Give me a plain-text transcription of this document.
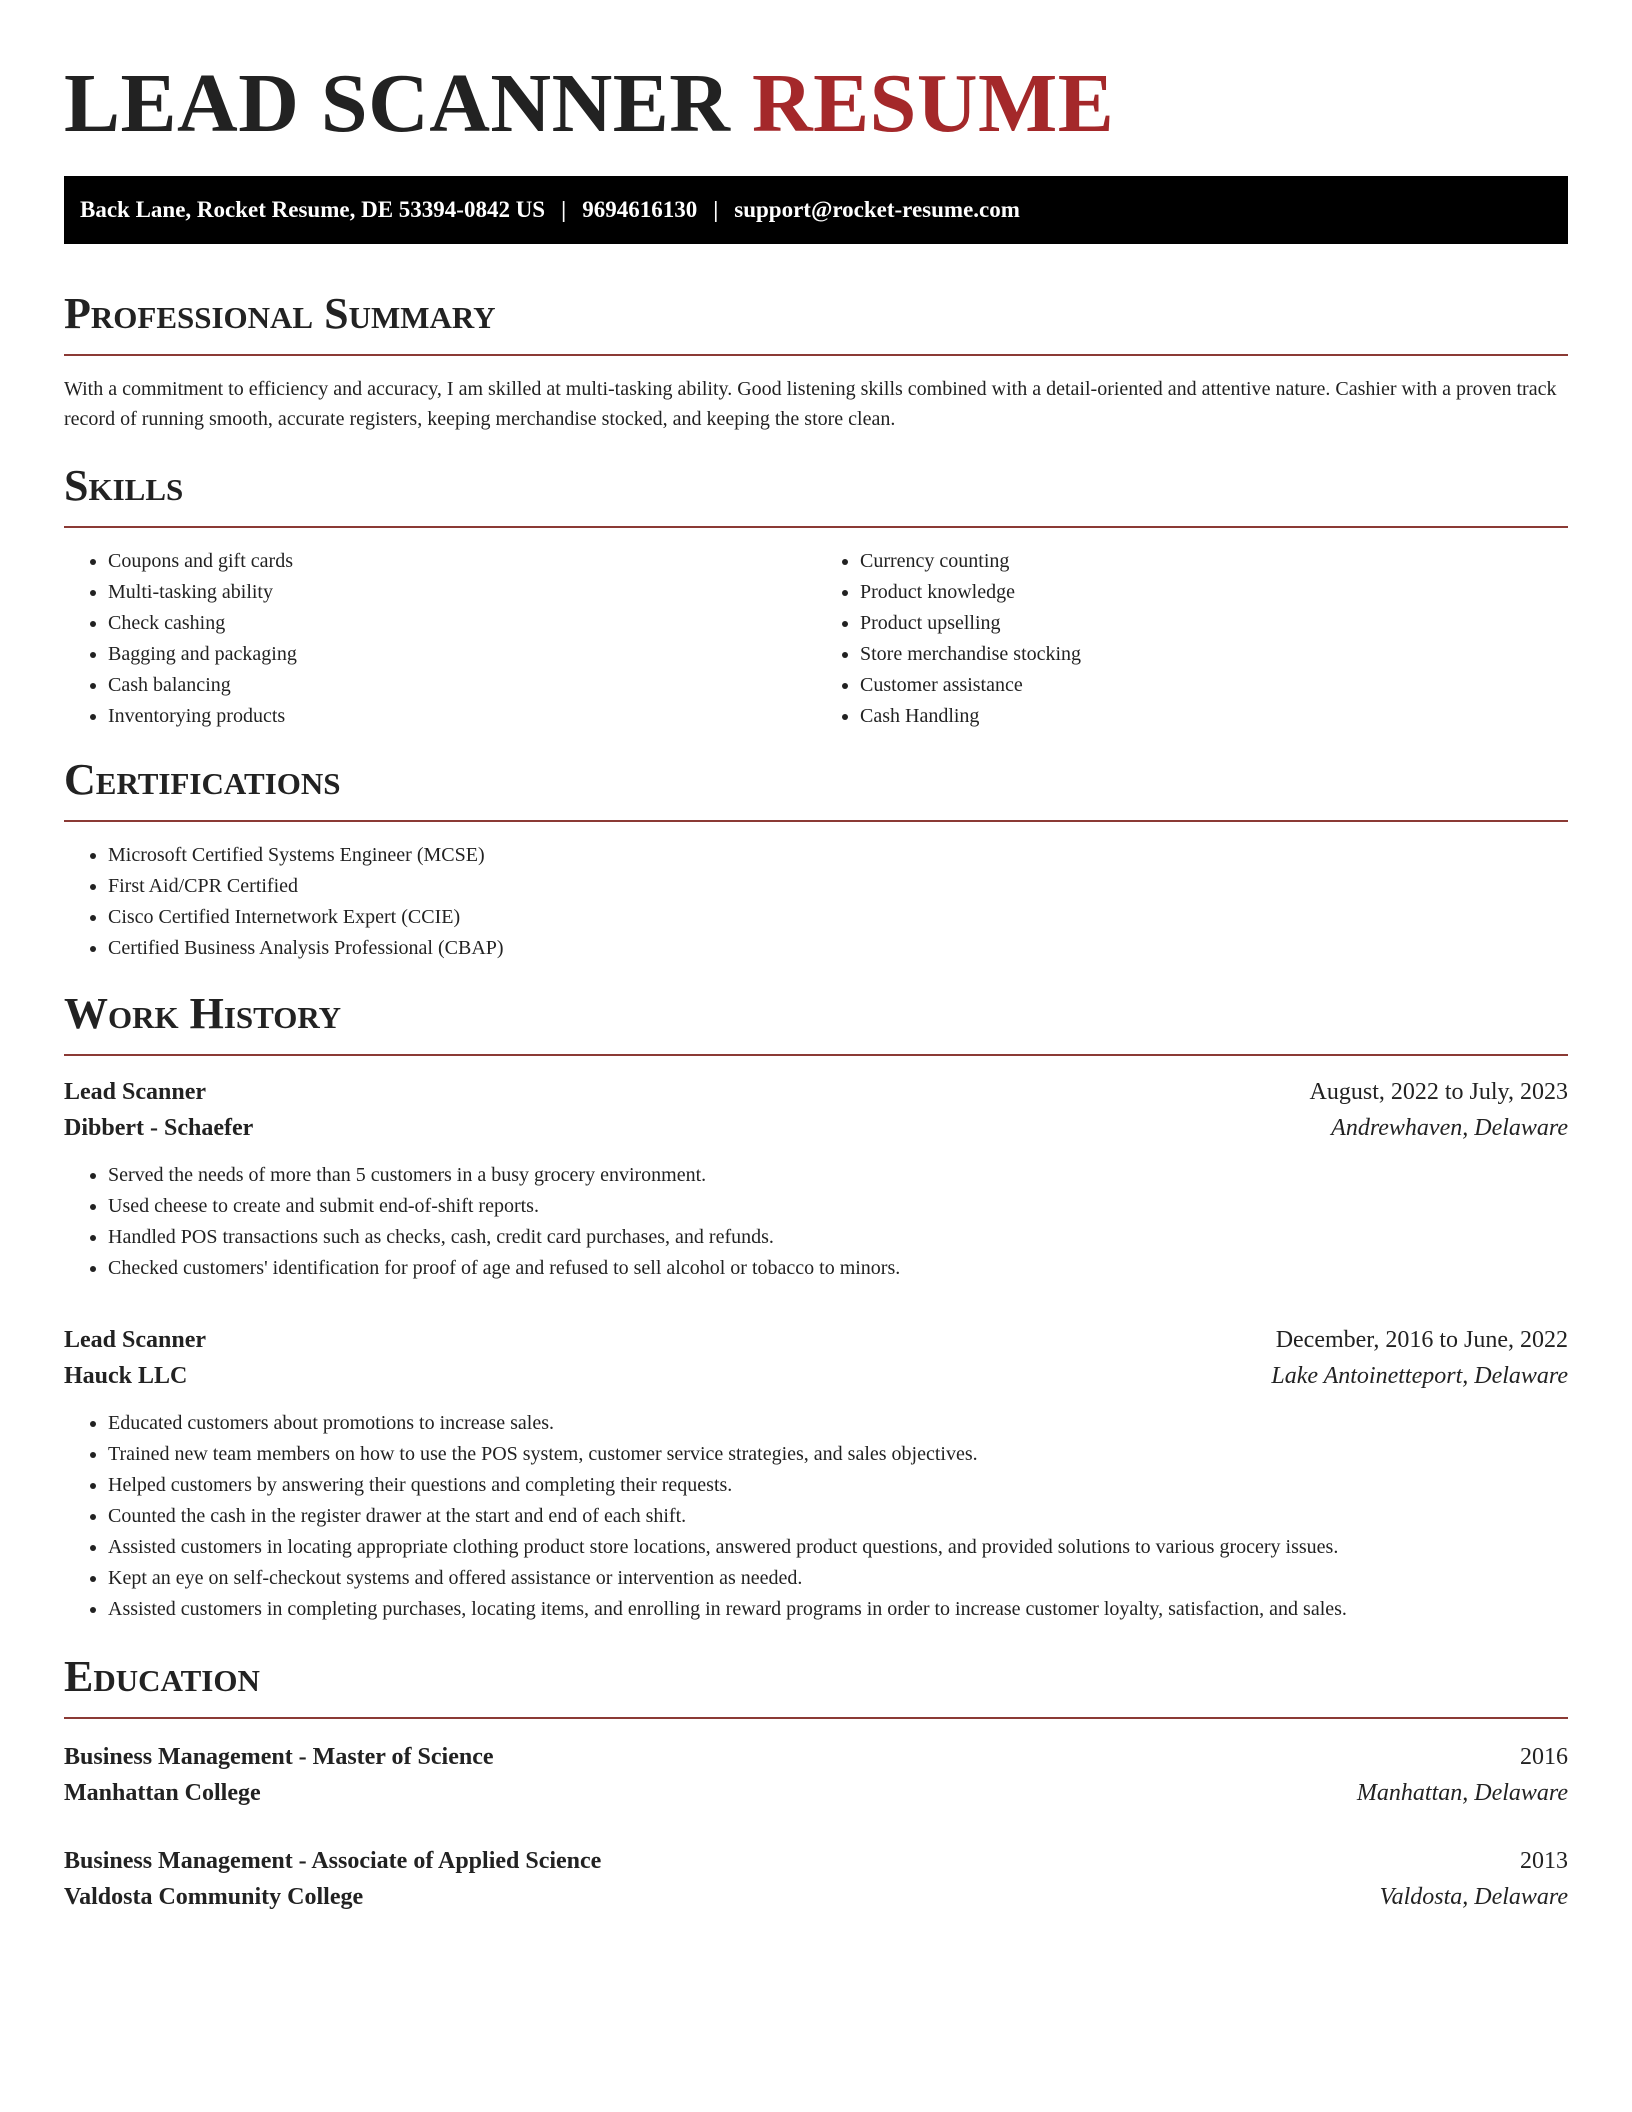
LEAD SCANNER RESUME
Back Lane, Rocket Resume, DE 53394-0842 US | 9694616130 | support@rocket-resume.com
Professional Summary

With a commitment to efficiency and accuracy, I am skilled at multi-tasking ability. Good listening skills combined with a detail-oriented and attentive nature. Cashier with a proven track record of running smooth, accurate registers, keeping merchandise stocked, and keeping the store clean.

Skills
• Coupons and gift cards
• Multi-tasking ability
• Check cashing
• Bagging and packaging
• Cash balancing
• Inventorying products
• Currency counting
• Product knowledge
• Product upselling
• Store merchandise stocking
• Customer assistance
• Cash Handling
Certifications
• Microsoft Certified Systems Engineer (MCSE)
• First Aid/CPR Certified
• Cisco Certified Internetwork Expert (CCIE)
• Certified Business Analysis Professional (CBAP)
Work History
Lead Scanner	August, 2022 to July, 2023
Dibbert - Schaefer	Andrewhaven, Delaware
• Served the needs of more than 5 customers in a busy grocery environment.
• Used cheese to create and submit end-of-shift reports.
• Handled POS transactions such as checks, cash, credit card purchases, and refunds.
• Checked customers' identification for proof of age and refused to sell alcohol or tobacco to minors.
Lead Scanner	December, 2016 to June, 2022
Hauck LLC	Lake Antoinetteport, Delaware
• Educated customers about promotions to increase sales.
• Trained new team members on how to use the POS system, customer service strategies, and sales objectives.
• Helped customers by answering their questions and completing their requests.
• Counted the cash in the register drawer at the start and end of each shift.
• Assisted customers in locating appropriate clothing product store locations, answered product questions, and provided solutions to various grocery issues.
• Kept an eye on self-checkout systems and offered assistance or intervention as needed.
• Assisted customers in completing purchases, locating items, and enrolling in reward programs in order to increase customer loyalty, satisfaction, and sales.
Education
Business Management - Master of Science	2016
Manhattan College	Manhattan, Delaware
Business Management - Associate of Applied Science	2013
Valdosta Community College	Valdosta, Delaware
